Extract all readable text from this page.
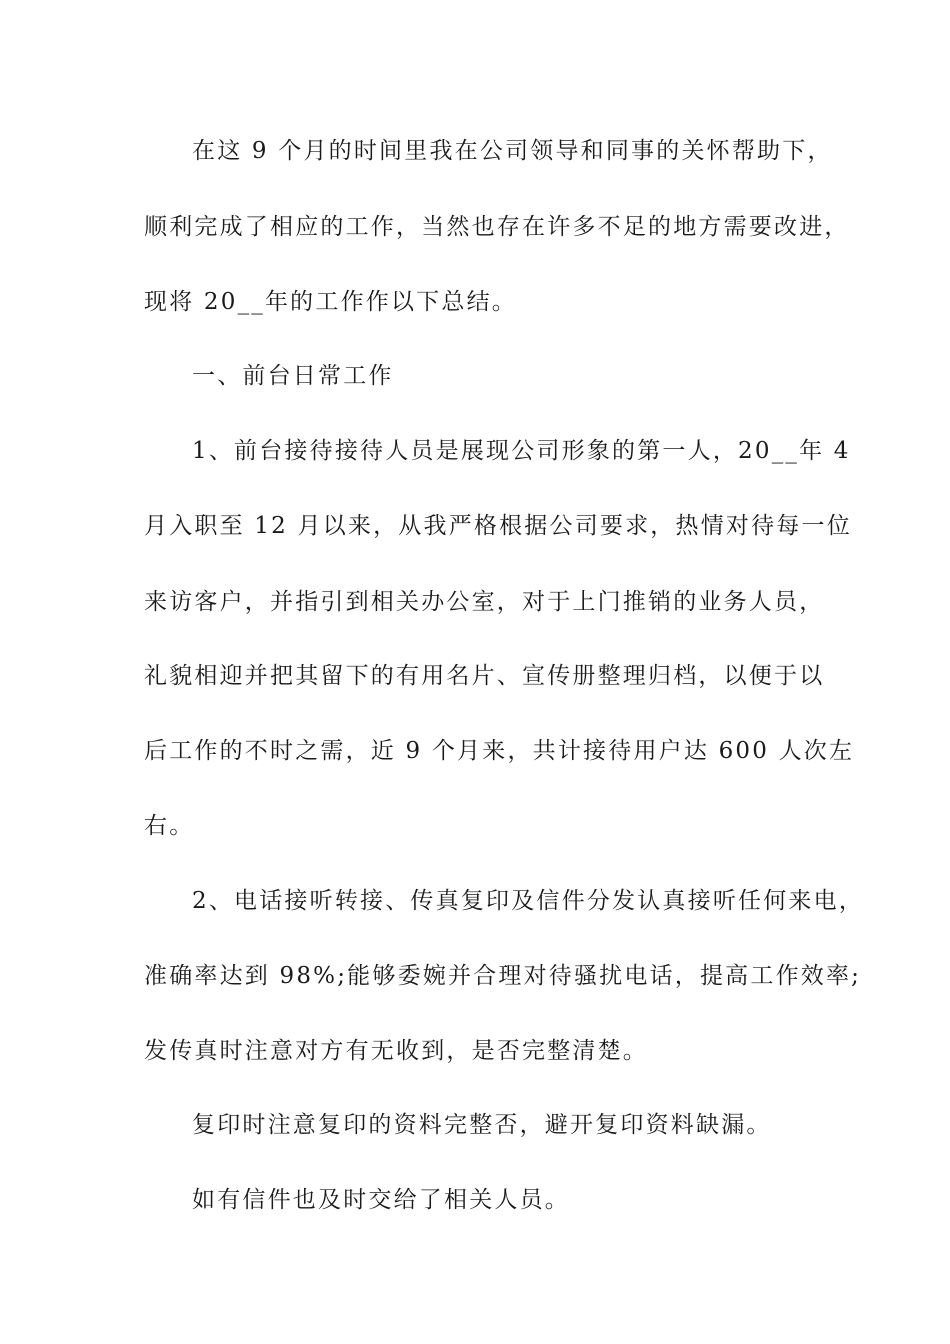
在这 9 个月的时间里我在公司领导和同事的关怀帮助下，
顺利完成了相应的工作，当然也存在许多不足的地方需要改进，
现将 20__年的工作作以下总结。
一、前台日常工作
1、前台接待接待人员是展现公司形象的第一人，20__年 4
月入职至 12 月以来，从我严格根据公司要求，热情对待每一位
来访客户，并指引到相关办公室，对于上门推销的业务人员，
礼貌相迎并把其留下的有用名片、宣传册整理归档，以便于以
后工作的不时之需，近 9 个月来，共计接待用户达 600 人次左
右。
2、电话接听转接、传真复印及信件分发认真接听任何来电，
准确率达到 98%;能够委婉并合理对待骚扰电话，提高工作效率;
发传真时注意对方有无收到，是否完整清楚。
复印时注意复印的资料完整否，避开复印资料缺漏。
如有信件也及时交给了相关人员。
